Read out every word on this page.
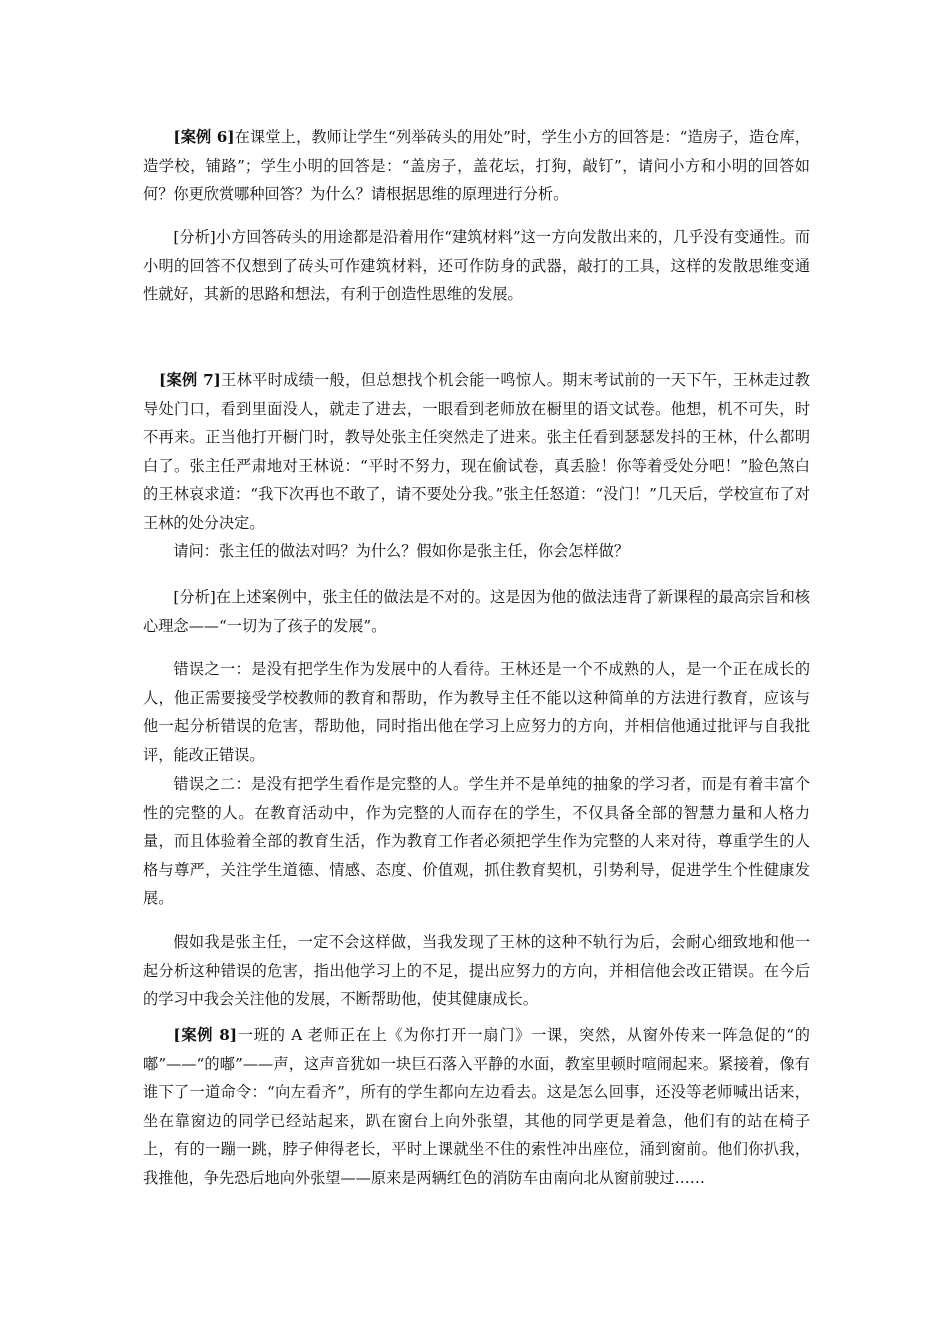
[案例 6]在课堂上，教师让学生“列举砖头的用处”时，学生小方的回答是：“造房子，造仓库，造学校，铺路”；学生小明的回答是：“盖房子，盖花坛，打狗，敲钉”，请问小方和小明的回答如何？你更欣赏哪种回答？为什么？请根据思维的原理进行分析。

[分析]小方回答砖头的用途都是沿着用作“建筑材料”这一方向发散出来的，几乎没有变通性。而小明的回答不仅想到了砖头可作建筑材料，还可作防身的武器，敲打的工具，这样的发散思维变通性就好，其新的思路和想法，有利于创造性思维的发展。

[案例 7]王林平时成绩一般，但总想找个机会能一鸣惊人。期末考试前的一天下午，王林走过教导处门口，看到里面没人，就走了进去，一眼看到老师放在橱里的语文试卷。他想，机不可失，时不再来。正当他打开橱门时，教导处张主任突然走了进来。张主任看到瑟瑟发抖的王林，什么都明白了。张主任严肃地对王林说：“平时不努力，现在偷试卷，真丢脸！你等着受处分吧！”脸色煞白的王林哀求道：“我下次再也不敢了，请不要处分我。”张主任怒道：“没门！”几天后，学校宣布了对王林的处分决定。

请问：张主任的做法对吗？为什么？假如你是张主任，你会怎样做？

[分析]在上述案例中，张主任的做法是不对的。这是因为他的做法违背了新课程的最高宗旨和核心理念——“一切为了孩子的发展”。

错误之一：是没有把学生作为发展中的人看待。王林还是一个不成熟的人，是一个正在成长的人，他正需要接受学校教师的教育和帮助，作为教导主任不能以这种简单的方法进行教育，应该与他一起分析错误的危害，帮助他，同时指出他在学习上应努力的方向，并相信他通过批评与自我批评，能改正错误。

错误之二：是没有把学生看作是完整的人。学生并不是单纯的抽象的学习者，而是有着丰富个性的完整的人。在教育活动中，作为完整的人而存在的学生，不仅具备全部的智慧力量和人格力量，而且体验着全部的教育生活，作为教育工作者必须把学生作为完整的人来对待，尊重学生的人格与尊严，关注学生道德、情感、态度、价值观，抓住教育契机，引势利导，促进学生个性健康发展。

假如我是张主任，一定不会这样做，当我发现了王林的这种不轨行为后，会耐心细致地和他一起分析这种错误的危害，指出他学习上的不足，提出应努力的方向，并相信他会改正错误。在今后的学习中我会关注他的发展，不断帮助他，使其健康成长。

[案例 8]一班的 A 老师正在上《为你打开一扇门》一课，突然，从窗外传来一阵急促的“的嘟”——“的嘟”——声，这声音犹如一块巨石落入平静的水面，教室里顿时喧闹起来。紧接着，像有谁下了一道命令：“向左看齐”，所有的学生都向左边看去。这是怎么回事，还没等老师喊出话来，坐在靠窗边的同学已经站起来，趴在窗台上向外张望，其他的同学更是着急，他们有的站在椅子上，有的一蹦一跳，脖子伸得老长，平时上课就坐不住的索性冲出座位，涌到窗前。他们你扒我，我推他，争先恐后地向外张望——原来是两辆红色的消防车由南向北从窗前驶过……
